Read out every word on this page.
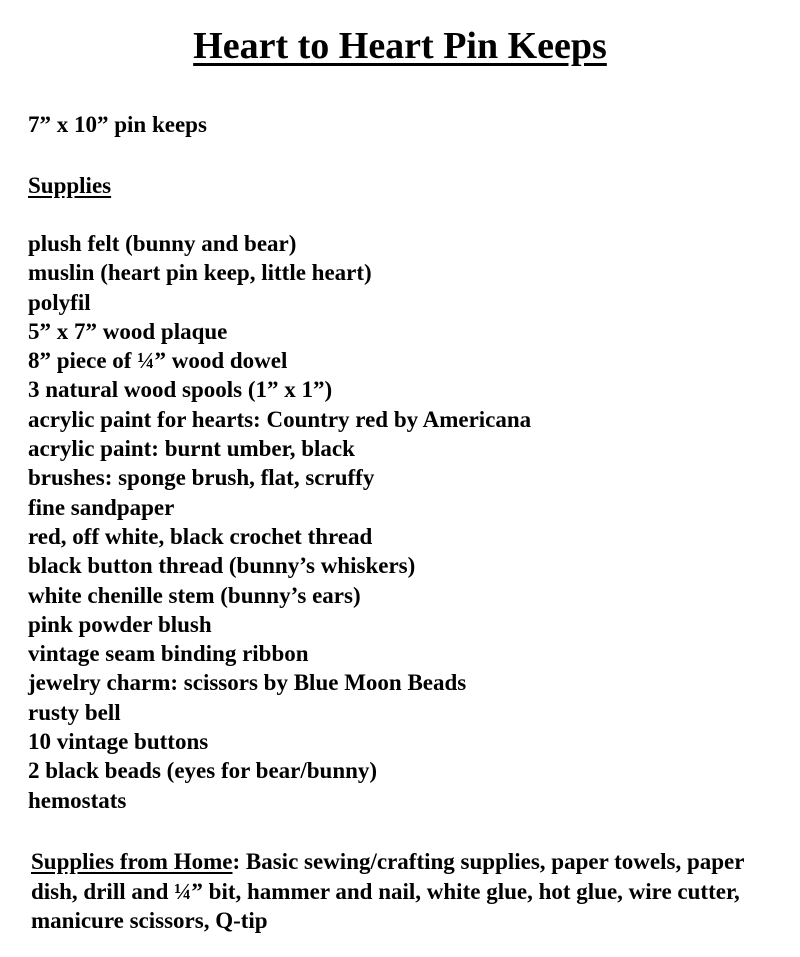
Heart to Heart Pin Keeps
7” x 10” pin keeps
Supplies
plush felt (bunny and bear)
muslin (heart pin keep, little heart)
polyfil
5” x 7” wood plaque
8” piece of ¼” wood dowel
3 natural wood spools (1” x 1”)
acrylic paint for hearts: Country red by Americana
acrylic paint: burnt umber, black
brushes: sponge brush, flat, scruffy
fine sandpaper
red, off white, black crochet thread
black button thread (bunny’s whiskers)
white chenille stem (bunny’s ears)
pink powder blush
vintage seam binding ribbon
jewelry charm: scissors by Blue Moon Beads
rusty bell
10 vintage buttons
2 black beads (eyes for bear/bunny)
hemostats
Supplies from Home: Basic sewing/crafting supplies, paper towels, paper dish, drill and ¼” bit, hammer and nail, white glue, hot glue, wire cutter, manicure scissors, Q-tip
